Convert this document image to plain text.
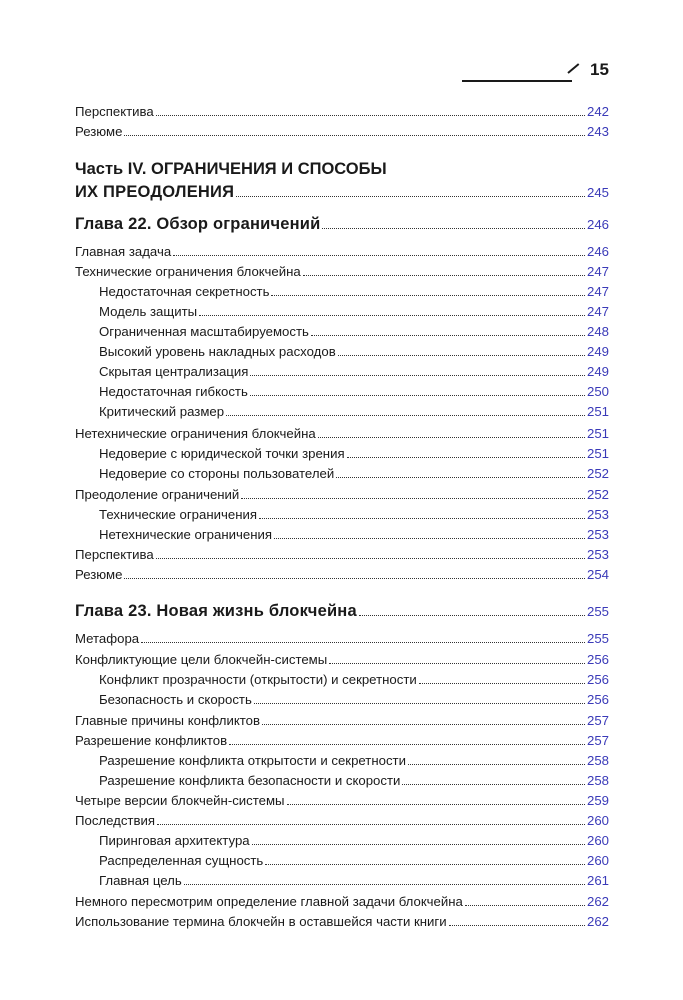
15
Перспектива	242
Резюме	243
Часть IV. ОГРАНИЧЕНИЯ И СПОСОБЫ
ИХ ПРЕОДОЛЕНИЯ	245
Глава 22. Обзор ограничений	246
Главная задача	246
Технические ограничения блокчейна	247
Недостаточная секретность	247
Модель защиты	247
Ограниченная масштабируемость	248
Высокий уровень накладных расходов	249
Скрытая централизация	249
Недостаточная гибкость	250
Критический размер	251
Нетехнические ограничения блокчейна	251
Недоверие с юридической точки зрения	251
Недоверие со стороны пользователей	252
Преодоление ограничений	252
Технические ограничения	253
Нетехнические ограничения	253
Перспектива	253
Резюме	254
Глава 23. Новая жизнь блокчейна	255
Метафора	255
Конфликтующие цели блокчейн-системы	256
Конфликт прозрачности (открытости) и секретности	256
Безопасность и скорость	256
Главные причины конфликтов	257
Разрешение конфликтов	257
Разрешение конфликта открытости и секретности	258
Разрешение конфликта безопасности и скорости	258
Четыре версии блокчейн-системы	259
Последствия	260
Пиринговая архитектура	260
Распределенная сущность	260
Главная цель	261
Немного пересмотрим определение главной задачи блокчейна	262
Использование термина блокчейн в оставшейся части книги	262
